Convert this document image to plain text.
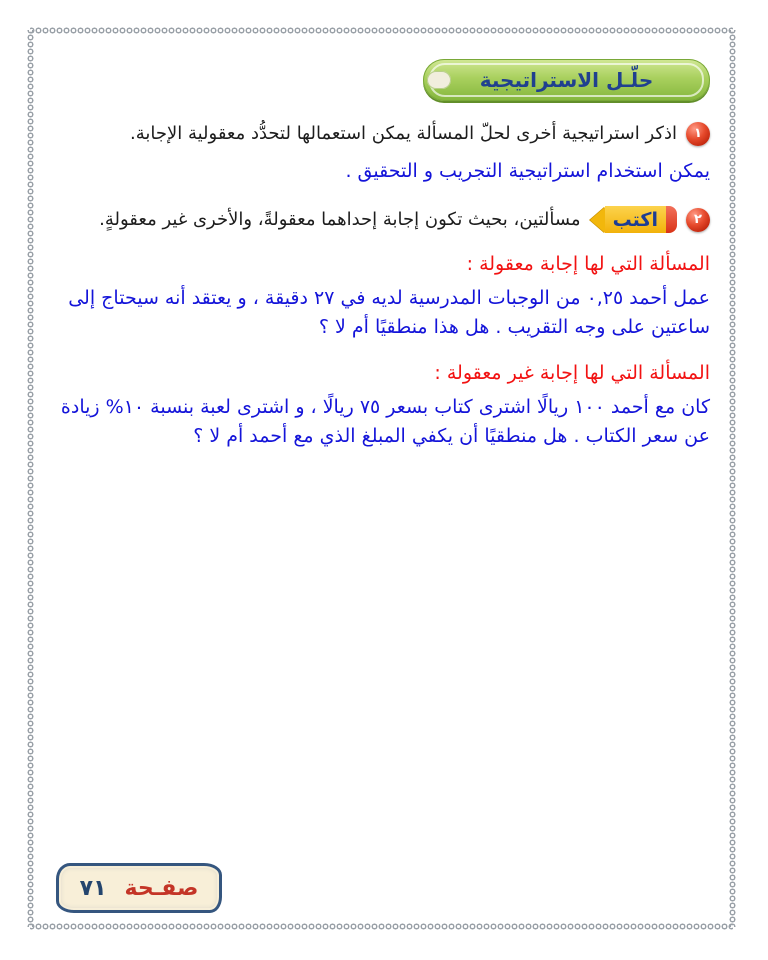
حلّـل الاستراتيجية
١
اذكر استراتيجية أخرى لحلّ المسألة يمكن استعمالها لتحدُّد معقولية الإجابة.
يمكن استخدام استراتيجية التجريب و التحقيق .
٢
اكتب
مسألتين، بحيث تكون إجابة إحداهما معقولةً، والأخرى غير معقولةٍ.
المسألة التي لها إجابة معقولة :
عمل أحمد ٠,٢٥ من الوجبات المدرسية لديه في ٢٧ دقيقة ، و يعتقد أنه سيحتاج إلى ساعتين على وجه التقريب . هل هذا منطقيًا أم لا ؟
المسألة التي لها إجابة غير معقولة :
كان مع أحمد ١٠٠ ريالًا اشترى كتاب بسعر ٧٥ ريالًا ، و اشترى لعبة بنسبة ١٠% زيادة عن سعر الكتاب . هل منطقيًا أن يكفي المبلغ الذي مع أحمد أم لا ؟
صفـحة
٧١
